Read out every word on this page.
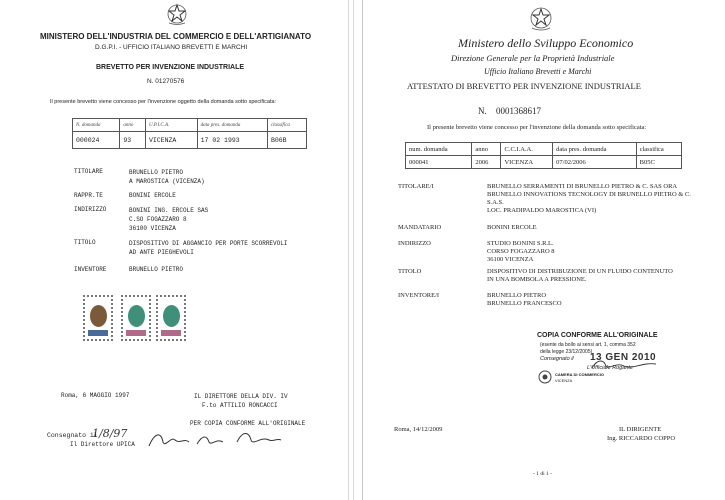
MINISTERO DELL'INDUSTRIA DEL COMMERCIO E DELL'ARTIGIANATO
D.G.P.I. - UFFICIO ITALIANO BREVETTI E MARCHI
BREVETTO PER INVENZIONE INDUSTRIALE
N. 01270576
Il presente brevetto viene concesso per l'invenzione oggetto della domanda sotto specificata:
N. domanda	anno	U.P.I.C.A.	data pres. domanda	classifica
000024	93	VICENZA	17 02 1993	B06B
TITOLARE	BRUNELLO PIETRO
A MAROSTICA (VICENZA)
RAPPR.TE	BONINI ERCOLE
INDIRIZZO	BONINI ING. ERCOLE SAS
C.SO FOGAZZARO 8
36100 VICENZA
TITOLO	DISPOSITIVO DI AGGANCIO PER PORTE SCORREVOLI
AD ANTE PIEGHEVOLI
INVENTORE	BRUNELLO PIETRO
Roma, 6 MAGGIO 1997	IL DIRETTORE DELLA DIV. IV
F.to ATTILIO RONCACCI
PER COPIA CONFORME ALL'ORIGINALE
Consegnato il
1/8/97
Il Direttore UPICA
Ministero dello Sviluppo Economico
Direzione Generale per la Proprietà Industriale
Ufficio Italiano Brevetti e Marchi
ATTESTATO DI BREVETTO PER INVENZIONE INDUSTRIALE
N. 0001368617
Il presente brevetto viene concesso per l'invenzione della domanda sotto specificata:
num. domanda	anno	C.C.I.A.A.	data pres. domanda	classifica
000041	2006	VICENZA	07/02/2006	B05C
TITOLARE/I	BRUNELLO SERRAMENTI DI BRUNELLO PIETRO & C. SAS ORA
BRUNELLO INNOVATIONS TECNOLOGY DI BRUNELLO PIETRO & C.
S.A.S.
LOC. PRADIPALDO MAROSTICA (VI)
MANDATARIO	BONINI ERCOLE
INDIRIZZO	STUDIO BONINI S.R.L.
CORSO FOGAZZARO 8
36100 VICENZA
TITOLO	DISPOSITIVO DI DISTRIBUZIONE DI UN FLUIDO CONTENUTO
IN UNA BOMBOLA A PRESSIONE.
INVENTORE/I	BRUNELLO PIETRO
BRUNELLO FRANCESCO
COPIA CONFORME ALL'ORIGINALE
(esente da bollo ai sensi art. 1, comma 352
della legge 23/12/2005)
Consegnato il 13 GEN 2010
L'Ufficiale Rogante
CAMERA DI COMMERCIO
VICENZA
Roma, 14/12/2009	IL DIRIGENTE
Ing. RICCARDO COPPO
- 1 di 1 -
